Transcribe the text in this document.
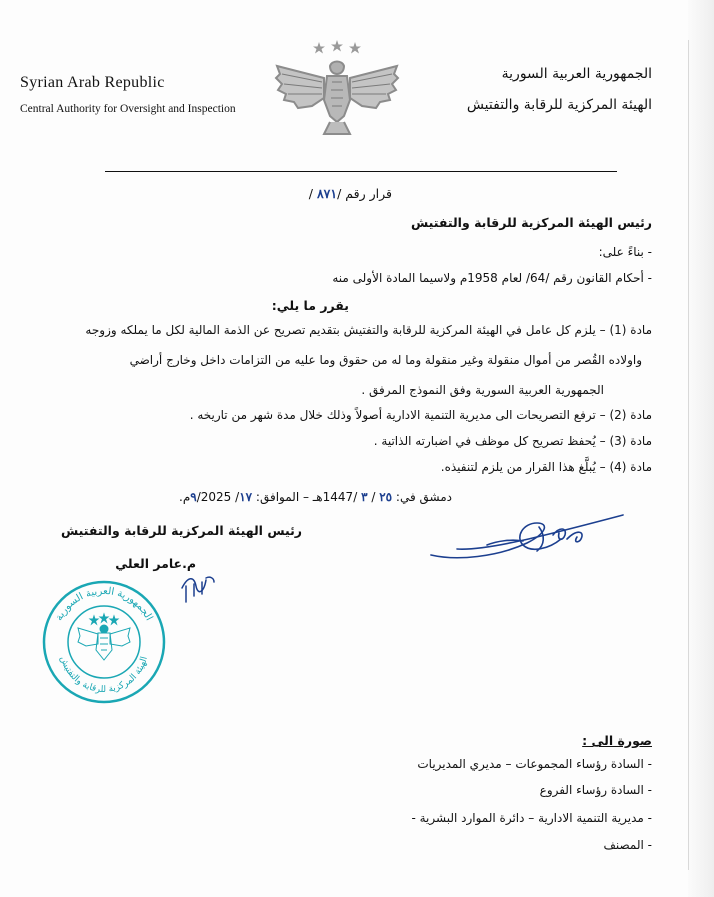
Syrian Arab Republic
Central Authority for Oversight and Inspection
الجمهورية العربية السورية
الهيئة المركزية للرقابة والتفتيش
قرار رقم /٨٧١ /
رئيس الهيئة المركزية للرقابة والتفتيش
- بناءً على:
- أحكام القانون رقم /64/ لعام 1958م ولاسيما المادة الأولى منه
يقرر ما يلي:
مادة (1) – يلزم كل عامل في الهيئة المركزية للرقابة والتفتيش بتقديم تصريح عن الذمة المالية لكل ما يملكه وزوجه
واولاده القُصر من أموال منقولة وغير منقولة وما له من حقوق وما عليه من التزامات داخل وخارج أراضي
الجمهورية العربية السورية وفق النموذج المرفق .
مادة (2) – ترفع التصريحات الى مديرية التنمية الادارية أصولاً وذلك خلال مدة شهر من تاريخه .
مادة (3) – يُحفظ تصريح كل موظف في اضبارته الذاتية .
مادة (4) – يُبلَّغ هذا القرار من يلزم لتنفيذه.
دمشق في: ٢٥ / ٣ /1447هـ – الموافق: ١٧/ ٩/2025م.
رئيس الهيئة المركزية للرقابة والتفتيش
م.عامر العلي
الجمهورية العربية السورية
الهيئة المركزية للرقابة والتفتيش
صورة الى :
- السادة رؤساء المجموعات – مديري المديريات
- السادة رؤساء الفروع
- مديرية التنمية الادارية – دائرة الموارد البشرية -
- المصنف
